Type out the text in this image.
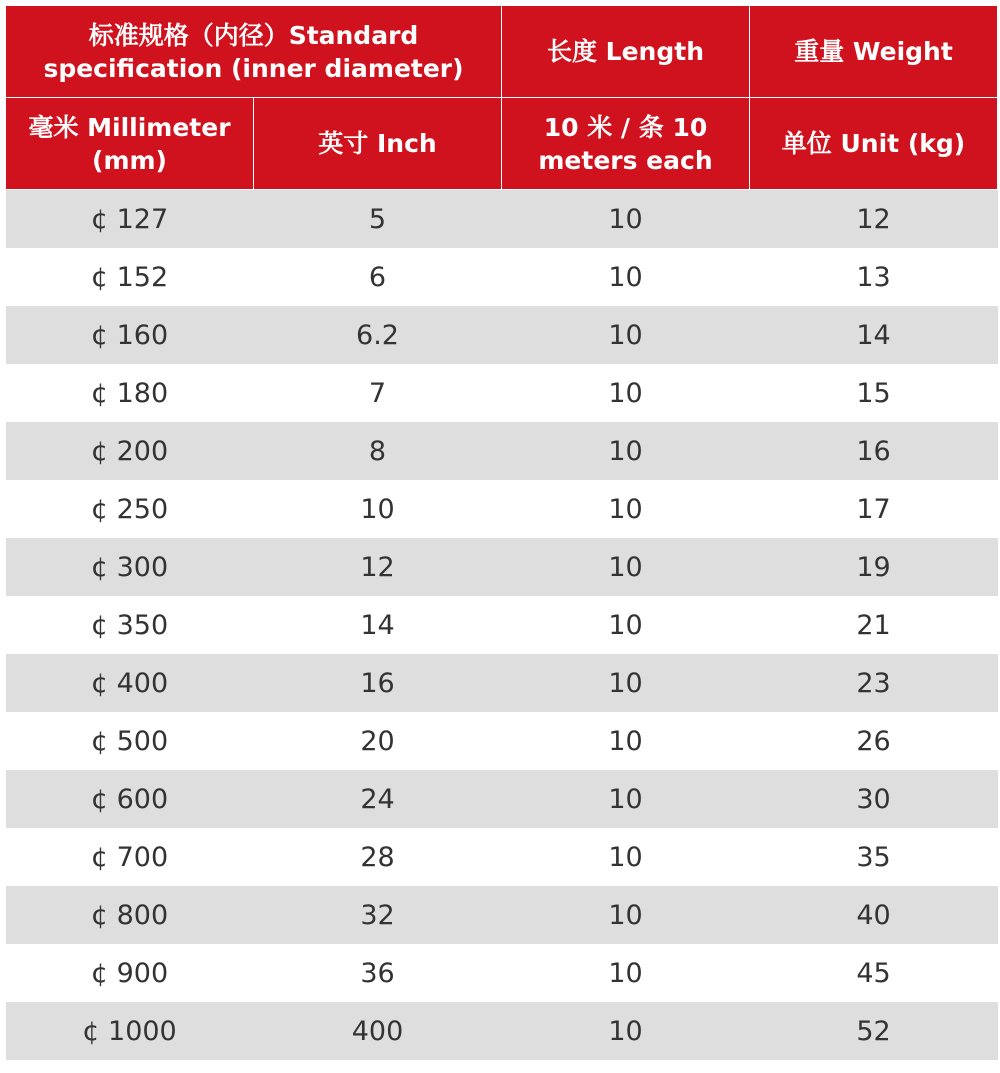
标准规格（内径）Standard specification (inner diameter)		长度 Length	重量 Weight
毫米 Millimeter (mm)	英寸 Inch	10 米 / 条 10 meters each	单位 Unit (kg)
¢ 127	5	10	12
¢ 152	6	10	13
¢ 160	6.2	10	14
¢ 180	7	10	15
¢ 200	8	10	16
¢ 250	10	10	17
¢ 300	12	10	19
¢ 350	14	10	21
¢ 400	16	10	23
¢ 500	20	10	26
¢ 600	24	10	30
¢ 700	28	10	35
¢ 800	32	10	40
¢ 900	36	10	45
¢ 1000	400	10	52
